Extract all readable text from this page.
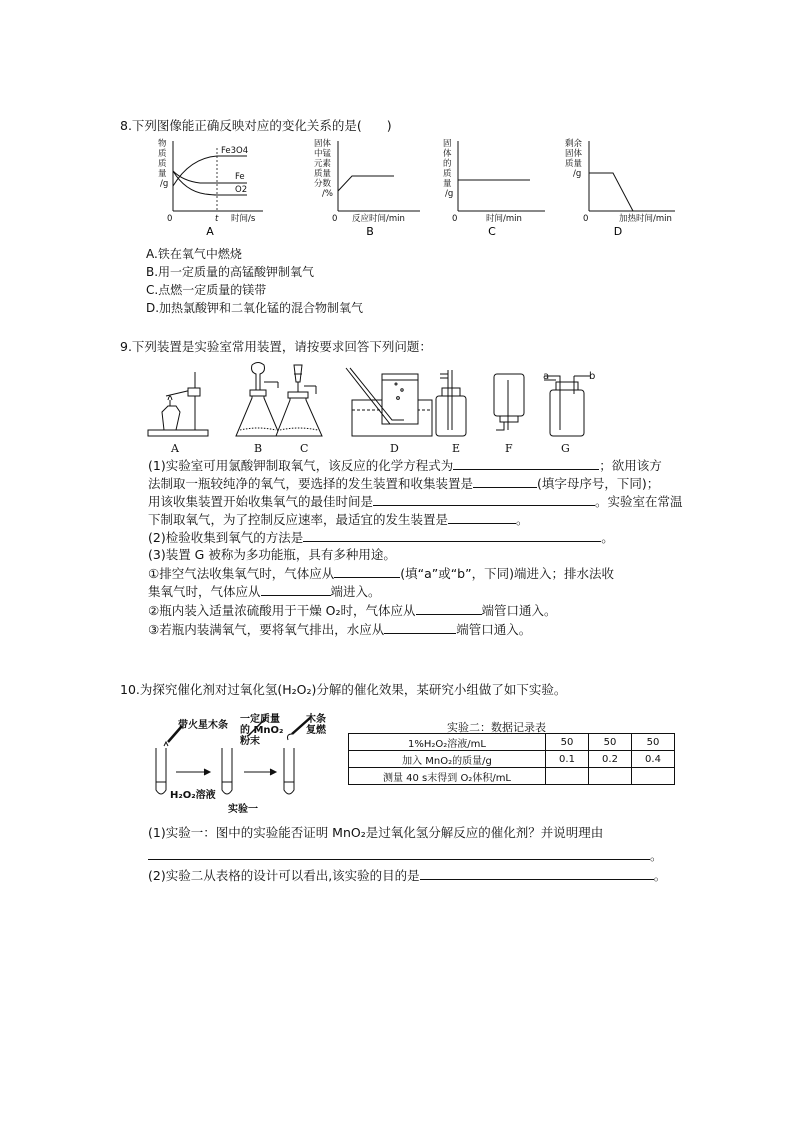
8.下列图像能正确反映对应的变化关系的是(　　)
物
质
质
量
/g
Fe3O4
Fe
O2
0	t 时间/s
A
固体
中锰
元素
质量
分数
/%
0 反应时间/min
B
固
体
的
质
量
/g
0	时间/min
C
剩余
固体
质量
/g
0	加热时间/min
D
A.铁在氧气中燃烧
B.用一定质量的高锰酸钾制氧气
C.点燃一定质量的镁带
D.加热氯酸钾和二氧化锰的混合物制氧气
9.下列装置是实验室常用装置，请按要求回答下列问题：
a	b
A	B	C	D	E	F	G
(1)实验室可用氯酸钾制取氧气，该反应的化学方程式为	；欲用该方
法制取一瓶较纯净的氧气，要选择的发生装置和收集装置是	(填字母序号，下同)；
用该收集装置开始收集氧气的最佳时间是	。实验室在常温
下制取氧气，为了控制反应速率，最适宜的发生装置是	。
(2)检验收集到氧气的方法是	。
(3)装置 G 被称为多功能瓶，具有多种用途。
①排空气法收集氧气时，气体应从	(填“a”或“b”，下同)端进入；排水法收
集氧气时，气体应从	端进入。
②瓶内装入适量浓硫酸用于干燥 O₂时，气体应从	端管口通入。
③若瓶内装满氧气，要将氧气排出，水应从	端管口通入。
10.为探究催化剂对过氧化氢(H₂O₂)分解的催化效果，某研究小组做了如下实验。
带火星木条
一定质量
的 MnO₂
粉末
木条
复燃
H₂O₂溶液
实验一
实验二：数据记录表
1%H₂O₂溶液/mL	50	50	50
加入 MnO₂的质量/g	0.1	0.2	0.4
测量 40 s末得到 O₂体积/mL			
(1)实验一：图中的实验能否证明 MnO₂是过氧化氢分解反应的催化剂？并说明理由
。
(2)实验二从表格的设计可以看出,该实验的目的是	。
